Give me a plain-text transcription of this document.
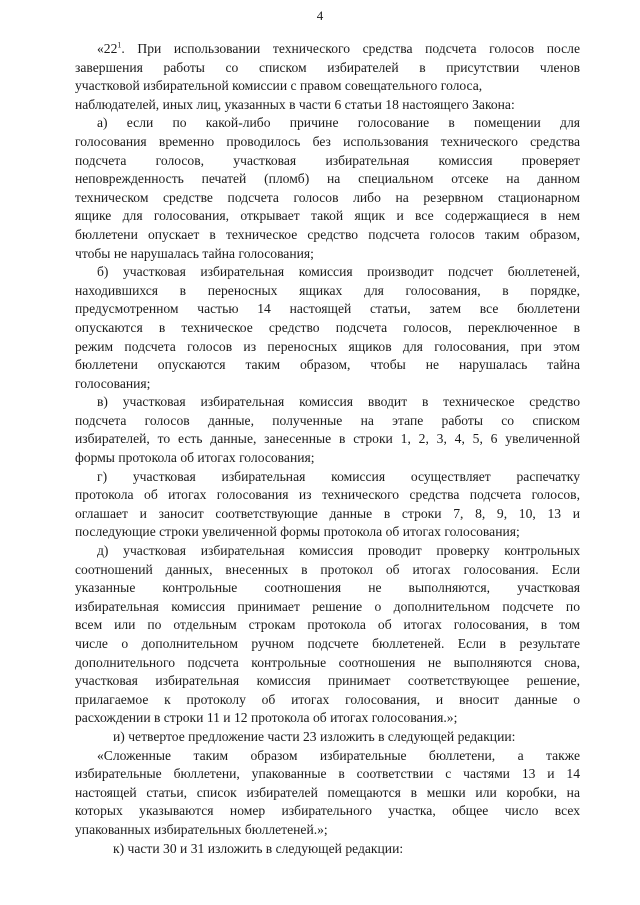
4
«$22^1$. При использовании технического средства подсчета голосов после
завершения работы со списком избирателей в присутствии членов
участковой избирательной комиссии с правом совещательного голоса,
наблюдателей, иных лиц, указанных в части 6 статьи 18 настоящего Закона:
а) если по какой-либо причине голосование в помещении для
голосования временно проводилось без использования технического средства
подсчета голосов, участковая избирательная комиссия проверяет
неповрежденность печатей (пломб) на специальном отсеке на данном
техническом средстве подсчета голосов либо на резервном стационарном
ящике для голосования, открывает такой ящик и все содержащиеся в нем
бюллетени опускает в техническое средство подсчета голосов таким образом,
чтобы не нарушалась тайна голосования;
б) участковая избирательная комиссия производит подсчет бюллетеней,
находившихся в переносных ящиках для голосования, в порядке,
предусмотренном частью 14 настоящей статьи, затем все бюллетени
опускаются в техническое средство подсчета голосов, переключенное в
режим подсчета голосов из переносных ящиков для голосования, при этом
бюллетени опускаются таким образом, чтобы не нарушалась тайна
голосования;
в) участковая избирательная комиссия вводит в техническое средство
подсчета голосов данные, полученные на этапе работы со списком
избирателей, то есть данные, занесенные в строки 1, 2, 3, 4, 5, 6 увеличенной
формы протокола об итогах голосования;
г) участковая избирательная комиссия осуществляет распечатку
протокола об итогах голосования из технического средства подсчета голосов,
оглашает и заносит соответствующие данные в строки 7, 8, 9, 10, 13 и
последующие строки увеличенной формы протокола об итогах голосования;
д) участковая избирательная комиссия проводит проверку контрольных
соотношений данных, внесенных в протокол об итогах голосования. Если
указанные контрольные соотношения не выполняются, участковая
избирательная комиссия принимает решение о дополнительном подсчете по
всем или по отдельным строкам протокола об итогах голосования, в том
числе о дополнительном ручном подсчете бюллетеней. Если в результате
дополнительного подсчета контрольные соотношения не выполняются снова,
участковая избирательная комиссия принимает соответствующее решение,
прилагаемое к протоколу об итогах голосования, и вносит данные о
расхождении в строки 11 и 12 протокола об итогах голосования.»;
и) четвертое предложение части 23 изложить в следующей редакции:
«Сложенные таким образом избирательные бюллетени, а также
избирательные бюллетени, упакованные в соответствии с частями 13 и 14
настоящей статьи, список избирателей помещаются в мешки или коробки, на
которых указываются номер избирательного участка, общее число всех
упакованных избирательных бюллетеней.»;
к) части 30 и 31 изложить в следующей редакции:
